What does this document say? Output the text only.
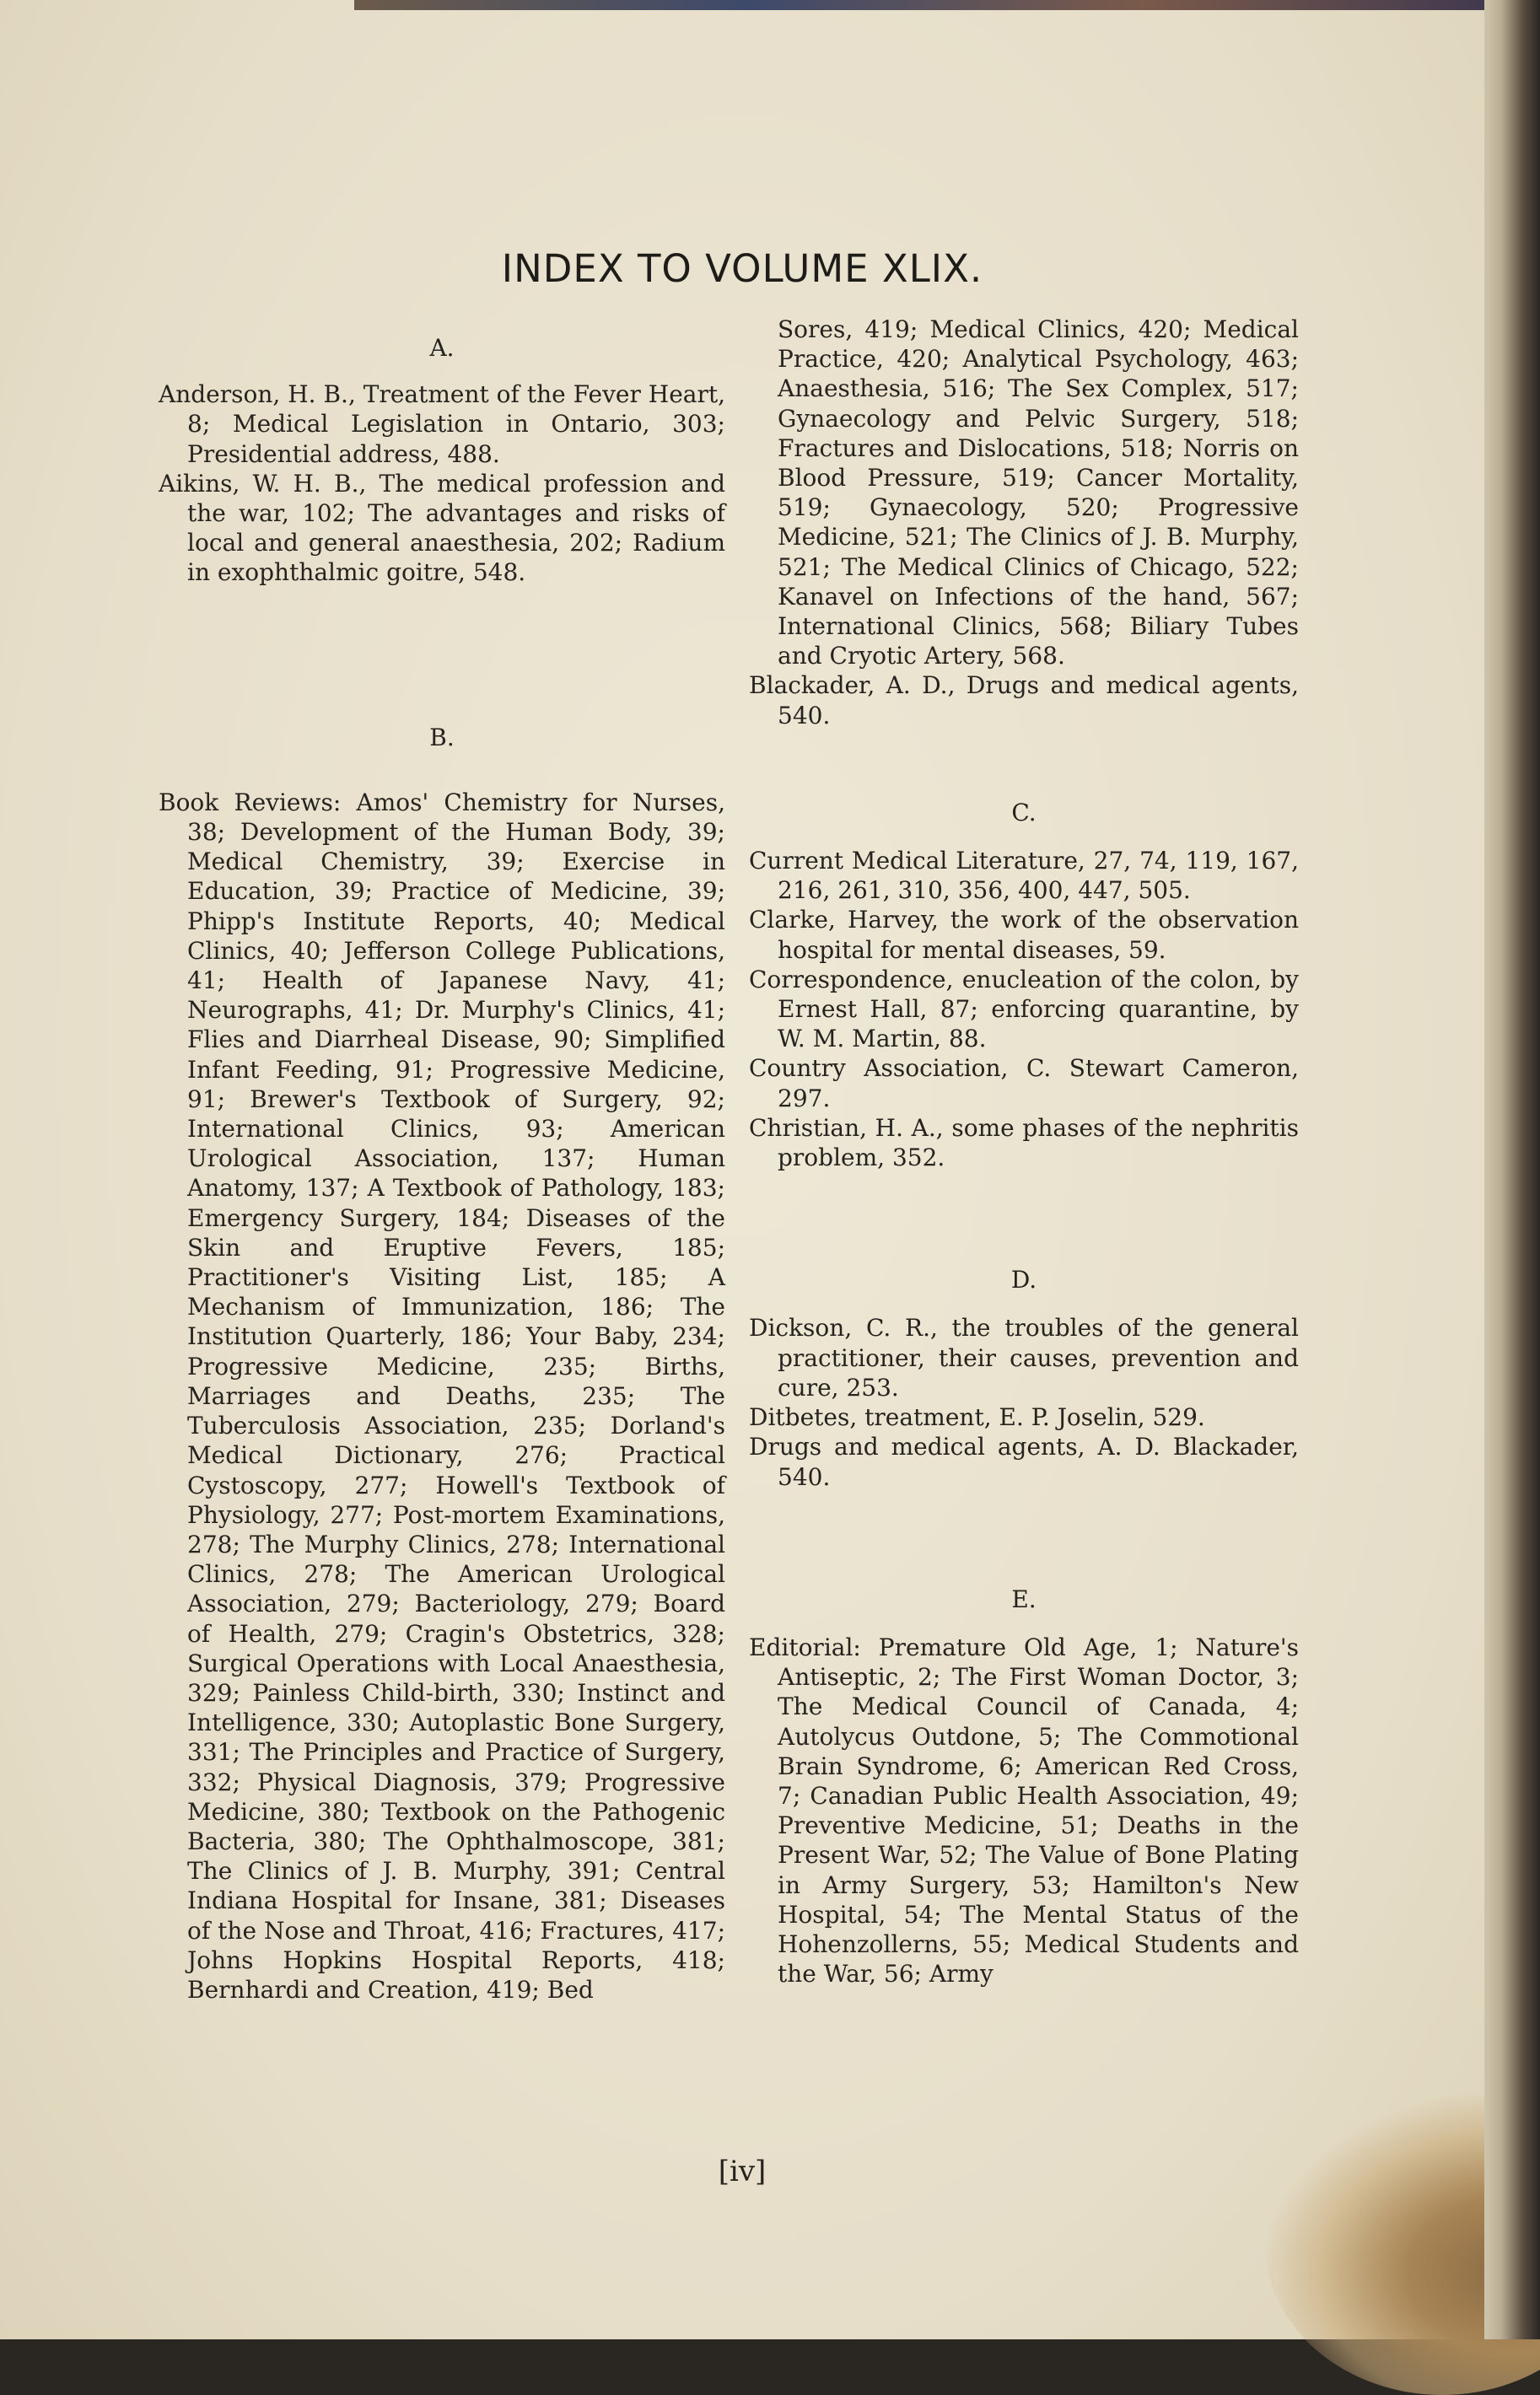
INDEX TO VOLUME XLIX.

A.

Anderson, H. B., Treatment of the Fever Heart, 8; Medical Legislation in Ontario, 303; Presidential address, 488.

Aikins, W. H. B., The medical profession and the war, 102; The advantages and risks of local and general anaesthesia, 202; Radium in exophthalmic goitre, 548.

B.

Book Reviews: Amos' Chemistry for Nurses, 38; Development of the Human Body, 39; Medical Chemistry, 39; Exercise in Education, 39; Practice of Medicine, 39; Phipp's Institute Reports, 40; Medical Clinics, 40; Jefferson College Publications, 41; Health of Japanese Navy, 41; Neurographs, 41; Dr. Murphy's Clinics, 41; Flies and Diarrheal Disease, 90; Simplified Infant Feeding, 91; Progressive Medicine, 91; Brewer's Textbook of Surgery, 92; International Clinics, 93; American Urological Association, 137; Human Anatomy, 137; A Textbook of Pathology, 183; Emergency Surgery, 184; Diseases of the Skin and Eruptive Fevers, 185; Practitioner's Visiting List, 185; A Mechanism of Immunization, 186; The Institution Quarterly, 186; Your Baby, 234; Progressive Medicine, 235; Births, Marriages and Deaths, 235; The Tuberculosis Association, 235; Dorland's Medical Dictionary, 276; Practical Cystoscopy, 277; Howell's Textbook of Physiology, 277; Post-mortem Examinations, 278; The Murphy Clinics, 278; International Clinics, 278; The American Urological Association, 279; Bacteriology, 279; Board of Health, 279; Cragin's Obstetrics, 328; Surgical Operations with Local Anaesthesia, 329; Painless Child-birth, 330; Instinct and Intelligence, 330; Autoplastic Bone Surgery, 331; The Principles and Practice of Surgery, 332; Physical Diagnosis, 379; Progressive Medicine, 380; Textbook on the Pathogenic Bacteria, 380; The Ophthalmoscope, 381; The Clinics of J. B. Murphy, 391; Central Indiana Hospital for Insane, 381; Diseases of the Nose and Throat, 416; Fractures, 417; Johns Hopkins Hospital Reports, 418; Bernhardi and Creation, 419; Bed

Sores, 419; Medical Clinics, 420; Medical Practice, 420; Analytical Psychology, 463; Anaesthesia, 516; The Sex Complex, 517; Gynaecology and Pelvic Surgery, 518; Fractures and Dislocations, 518; Norris on Blood Pressure, 519; Cancer Mortality, 519; Gynaecology, 520; Progressive Medicine, 521; The Clinics of J. B. Murphy, 521; The Medical Clinics of Chicago, 522; Kanavel on Infections of the hand, 567; International Clinics, 568; Biliary Tubes and Cryotic Artery, 568.

Blackader, A. D., Drugs and medical agents, 540.

C.

Current Medical Literature, 27, 74, 119, 167, 216, 261, 310, 356, 400, 447, 505.

Clarke, Harvey, the work of the observation hospital for mental diseases, 59.

Correspondence, enucleation of the colon, by Ernest Hall, 87; enforcing quarantine, by W. M. Martin, 88.

Country Association, C. Stewart Cameron, 297.

Christian, H. A., some phases of the nephritis problem, 352.

D.

Dickson, C. R., the troubles of the general practitioner, their causes, prevention and cure, 253.

Ditbetes, treatment, E. P. Joselin, 529.

Drugs and medical agents, A. D. Blackader, 540.

E.

Editorial: Premature Old Age, 1; Nature's Antiseptic, 2; The First Woman Doctor, 3; The Medical Council of Canada, 4; Autolycus Outdone, 5; The Commotional Brain Syndrome, 6; American Red Cross, 7; Canadian Public Health Association, 49; Preventive Medicine, 51; Deaths in the Present War, 52; The Value of Bone Plating in Army Surgery, 53; Hamilton's New Hospital, 54; The Mental Status of the Hohenzollerns, 55; Medical Students and the War, 56; Army

[iv]
